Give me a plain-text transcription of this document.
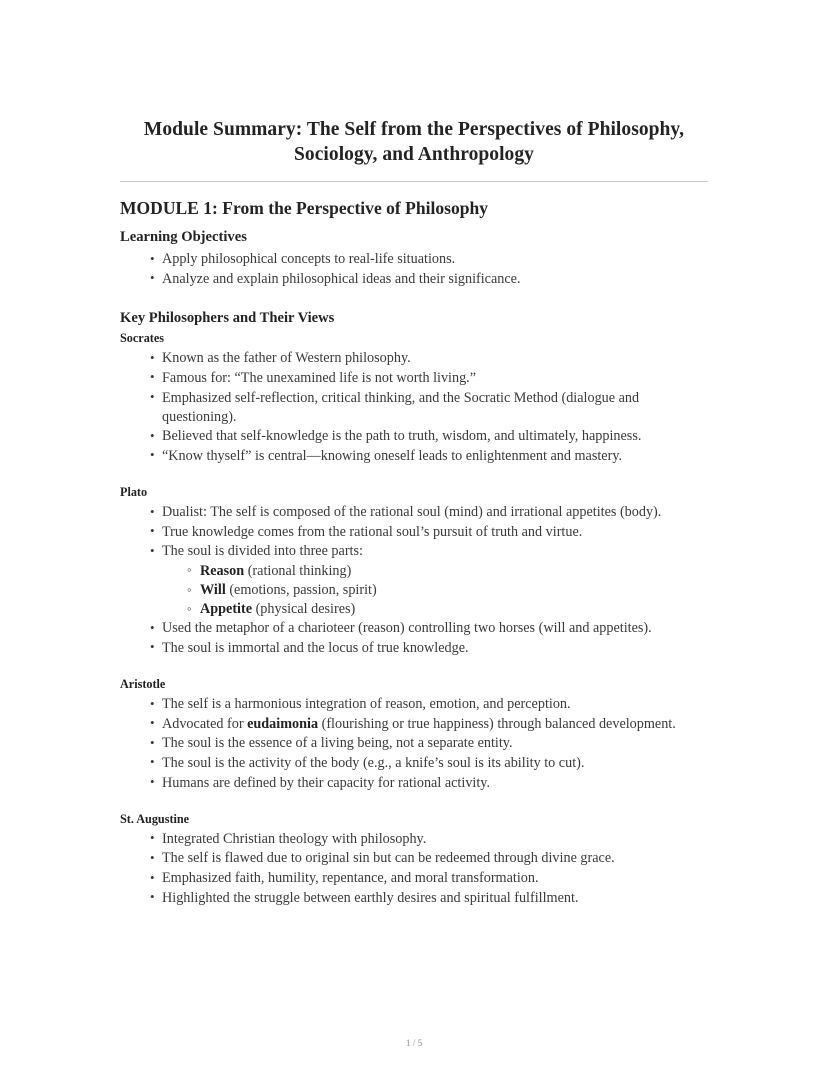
Module Summary: The Self from the Perspectives of Philosophy, Sociology, and Anthropology
MODULE 1: From the Perspective of Philosophy
Learning Objectives
• Apply philosophical concepts to real-life situations.
• Analyze and explain philosophical ideas and their significance.
Key Philosophers and Their Views
Socrates
• Known as the father of Western philosophy.
• Famous for: “The unexamined life is not worth living.”
• Emphasized self-reflection, critical thinking, and the Socratic Method (dialogue and questioning).
• Believed that self-knowledge is the path to truth, wisdom, and ultimately, happiness.
• “Know thyself” is central—knowing oneself leads to enlightenment and mastery.
Plato
• Dualist: The self is composed of the rational soul (mind) and irrational appetites (body).
• True knowledge comes from the rational soul’s pursuit of truth and virtue.
• The soul is divided into three parts:
◦ Reason (rational thinking)
◦ Will (emotions, passion, spirit)
◦ Appetite (physical desires)
• Used the metaphor of a charioteer (reason) controlling two horses (will and appetites).
• The soul is immortal and the locus of true knowledge.
Aristotle
• The self is a harmonious integration of reason, emotion, and perception.
• Advocated for eudaimonia (flourishing or true happiness) through balanced development.
• The soul is the essence of a living being, not a separate entity.
• The soul is the activity of the body (e.g., a knife’s soul is its ability to cut).
• Humans are defined by their capacity for rational activity.
St. Augustine
• Integrated Christian theology with philosophy.
• The self is flawed due to original sin but can be redeemed through divine grace.
• Emphasized faith, humility, repentance, and moral transformation.
• Highlighted the struggle between earthly desires and spiritual fulfillment.
1 / 5
